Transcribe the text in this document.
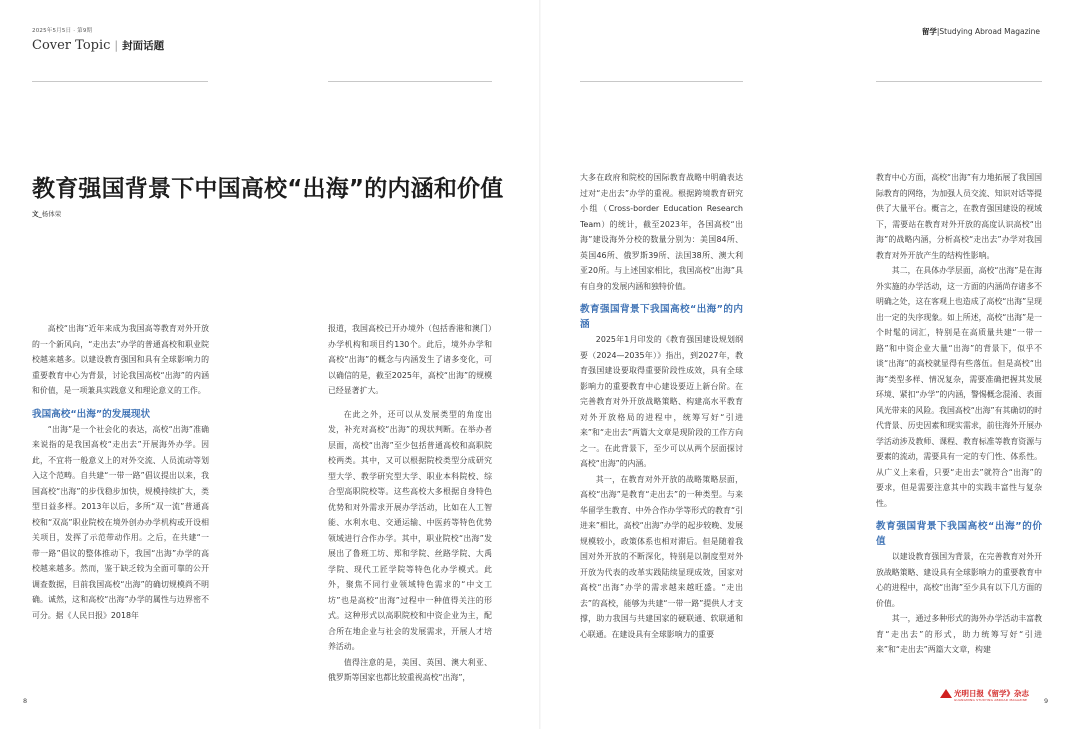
2025年5月5日 · 第9期
Cover Topic | 封面话题
教育强国背景下中国高校“出海”的内涵和价值
文_杨体荣

高校“出海”近年来成为我国高等教育对外开放的一个新风向，“走出去”办学的普通高校和职业院校越来越多。以建设教育强国和具有全球影响力的重要教育中心为背景，讨论我国高校“出海”的内涵和价值，是一项兼具实践意义和理论意义的工作。

我国高校“出海”的发展现状

“出海”是一个社会化的表达，高校“出海”准确来说指的是我国高校“走出去”开展海外办学。因此，不宜将一般意义上的对外交流、人员流动等划入这个范畴。自共建“一带一路”倡议提出以来，我国高校“出海”的步伐稳步加快，规模持续扩大，类型日益多样。2013年以后，多所“双一流”普通高校和“双高”职业院校在境外创办办学机构或开设相关项目，发挥了示范带动作用。之后，在共建“一带一路”倡议的整体推动下，我国“出海”办学的高校越来越多。然而，鉴于缺乏较为全面可靠的公开调查数据，目前我国高校“出海”的确切规模尚不明确。诚然，这和高校“出海”办学的属性与边界密不可分。据《人民日报》2018年

报道，我国高校已开办境外（包括香港和澳门）办学机构和项目约130个。此后，境外办学和高校“出海”的概念与内涵发生了诸多变化，可以确信的是，截至2025年，高校“出海”的规模已经显著扩大。

在此之外，还可以从发展类型的角度出发，补充对高校“出海”的现状判断。在举办者层面，高校“出海”至少包括普通高校和高职院校两类。其中，又可以根据院校类型分成研究型大学、教学研究型大学、职业本科院校、综合型高职院校等。这些高校大多根据自身特色优势和对外需求开展办学活动，比如在人工智能、水利水电、交通运输、中医药等特色优势领域进行合作办学。其中，职业院校“出海”发展出了鲁班工坊、郑和学院、丝路学院、大禹学院、现代工匠学院等特色化办学模式。此外，聚焦不同行业领域特色需求的“中文工坊”也是高校“出海”过程中一种值得关注的形式。这种形式以高职院校和中资企业为主，配合所在地企业与社会的发展需求，开展人才培养活动。

值得注意的是，美国、英国、澳大利亚、俄罗斯等国家也都比较重视高校“出海”，

8
留学|Studying Abroad Magazine
9

大多在政府和院校的国际教育战略中明确表达过对“走出去”办学的重视。根据跨境教育研究小组（Cross-border Education Research Team）的统计，截至2023年，各国高校“出海”建设海外分校的数量分别为：美国84所、英国46所、俄罗斯39所、法国38所、澳大利亚20所。与上述国家相比，我国高校“出海”具有自身的发展内涵和独特价值。

教育强国背景下我国高校“出海”的内涵

2025年1月印发的《教育强国建设规划纲要（2024—2035年）》指出，到2027年，教育强国建设要取得重要阶段性成效，具有全球影响力的重要教育中心建设要迈上新台阶。在完善教育对外开放战略策略、构建高水平教育对外开放格局的进程中，统筹写好“引进来”和“走出去”两篇大文章是现阶段的工作方向之一。在此背景下，至少可以从两个层面探讨高校“出海”的内涵。

其一，在教育对外开放的战略策略层面，高校“出海”是教育“走出去”的一种类型。与来华留学生教育、中外合作办学等形式的教育“引进来”相比，高校“出海”办学的起步较晚、发展规模较小，政策体系也相对滞后。但是随着我国对外开放的不断深化，特别是以制度型对外开放为代表的改革实践陆续显现成效，国家对高校“出海”办学的需求越来越旺盛。“走出去”的高校，能够为共建“一带一路”提供人才支撑，助力我国与共建国家的硬联通、软联通和心联通。在建设具有全球影响力的重要

教育中心方面，高校“出海”有力地拓展了我国国际教育的网络，为加强人员交流、知识对话等提供了大量平台。概言之，在教育强国建设的视域下，需要站在教育对外开放的高度认识高校“出海”的战略内涵，分析高校“走出去”办学对我国教育对外开放产生的结构性影响。

其二，在具体办学层面，高校“出海”是在海外实施的办学活动，这一方面的内涵尚存诸多不明确之处，这在客观上也造成了高校“出海”呈现出一定的失序现象。如上所述，高校“出海”是一个时髦的词汇，特别是在高质量共建“一带一路”和中资企业大量“出海”的背景下，似乎不谈“出海”的高校就显得有些落伍。但是高校“出海”类型多样、情况复杂，需要准确把握其发展环境、紧扣“办学”的内涵，警惕概念混淆、表面风光带来的风险。我国高校“出海”有其确切的时代背景、历史因素和现实需求，前往海外开展办学活动涉及教师、课程、教育标准等教育资源与要素的流动，需要具有一定的专门性、体系性。从广义上来看，只要“走出去”就符合“出海”的要求，但是需要注意其中的实践丰富性与复杂性。

教育强国背景下我国高校“出海”的价值

以建设教育强国为背景，在完善教育对外开放战略策略、建设具有全球影响力的重要教育中心的进程中，高校“出海”至少具有以下几方面的价值。

其一，通过多种形式的海外办学活动丰富教育“走出去”的形式，助力统筹写好“引进来”和“走出去”两篇大文章，构建

光明日报《留学》杂志
GUANGMING STUDYING ABROAD MAGAZINE
